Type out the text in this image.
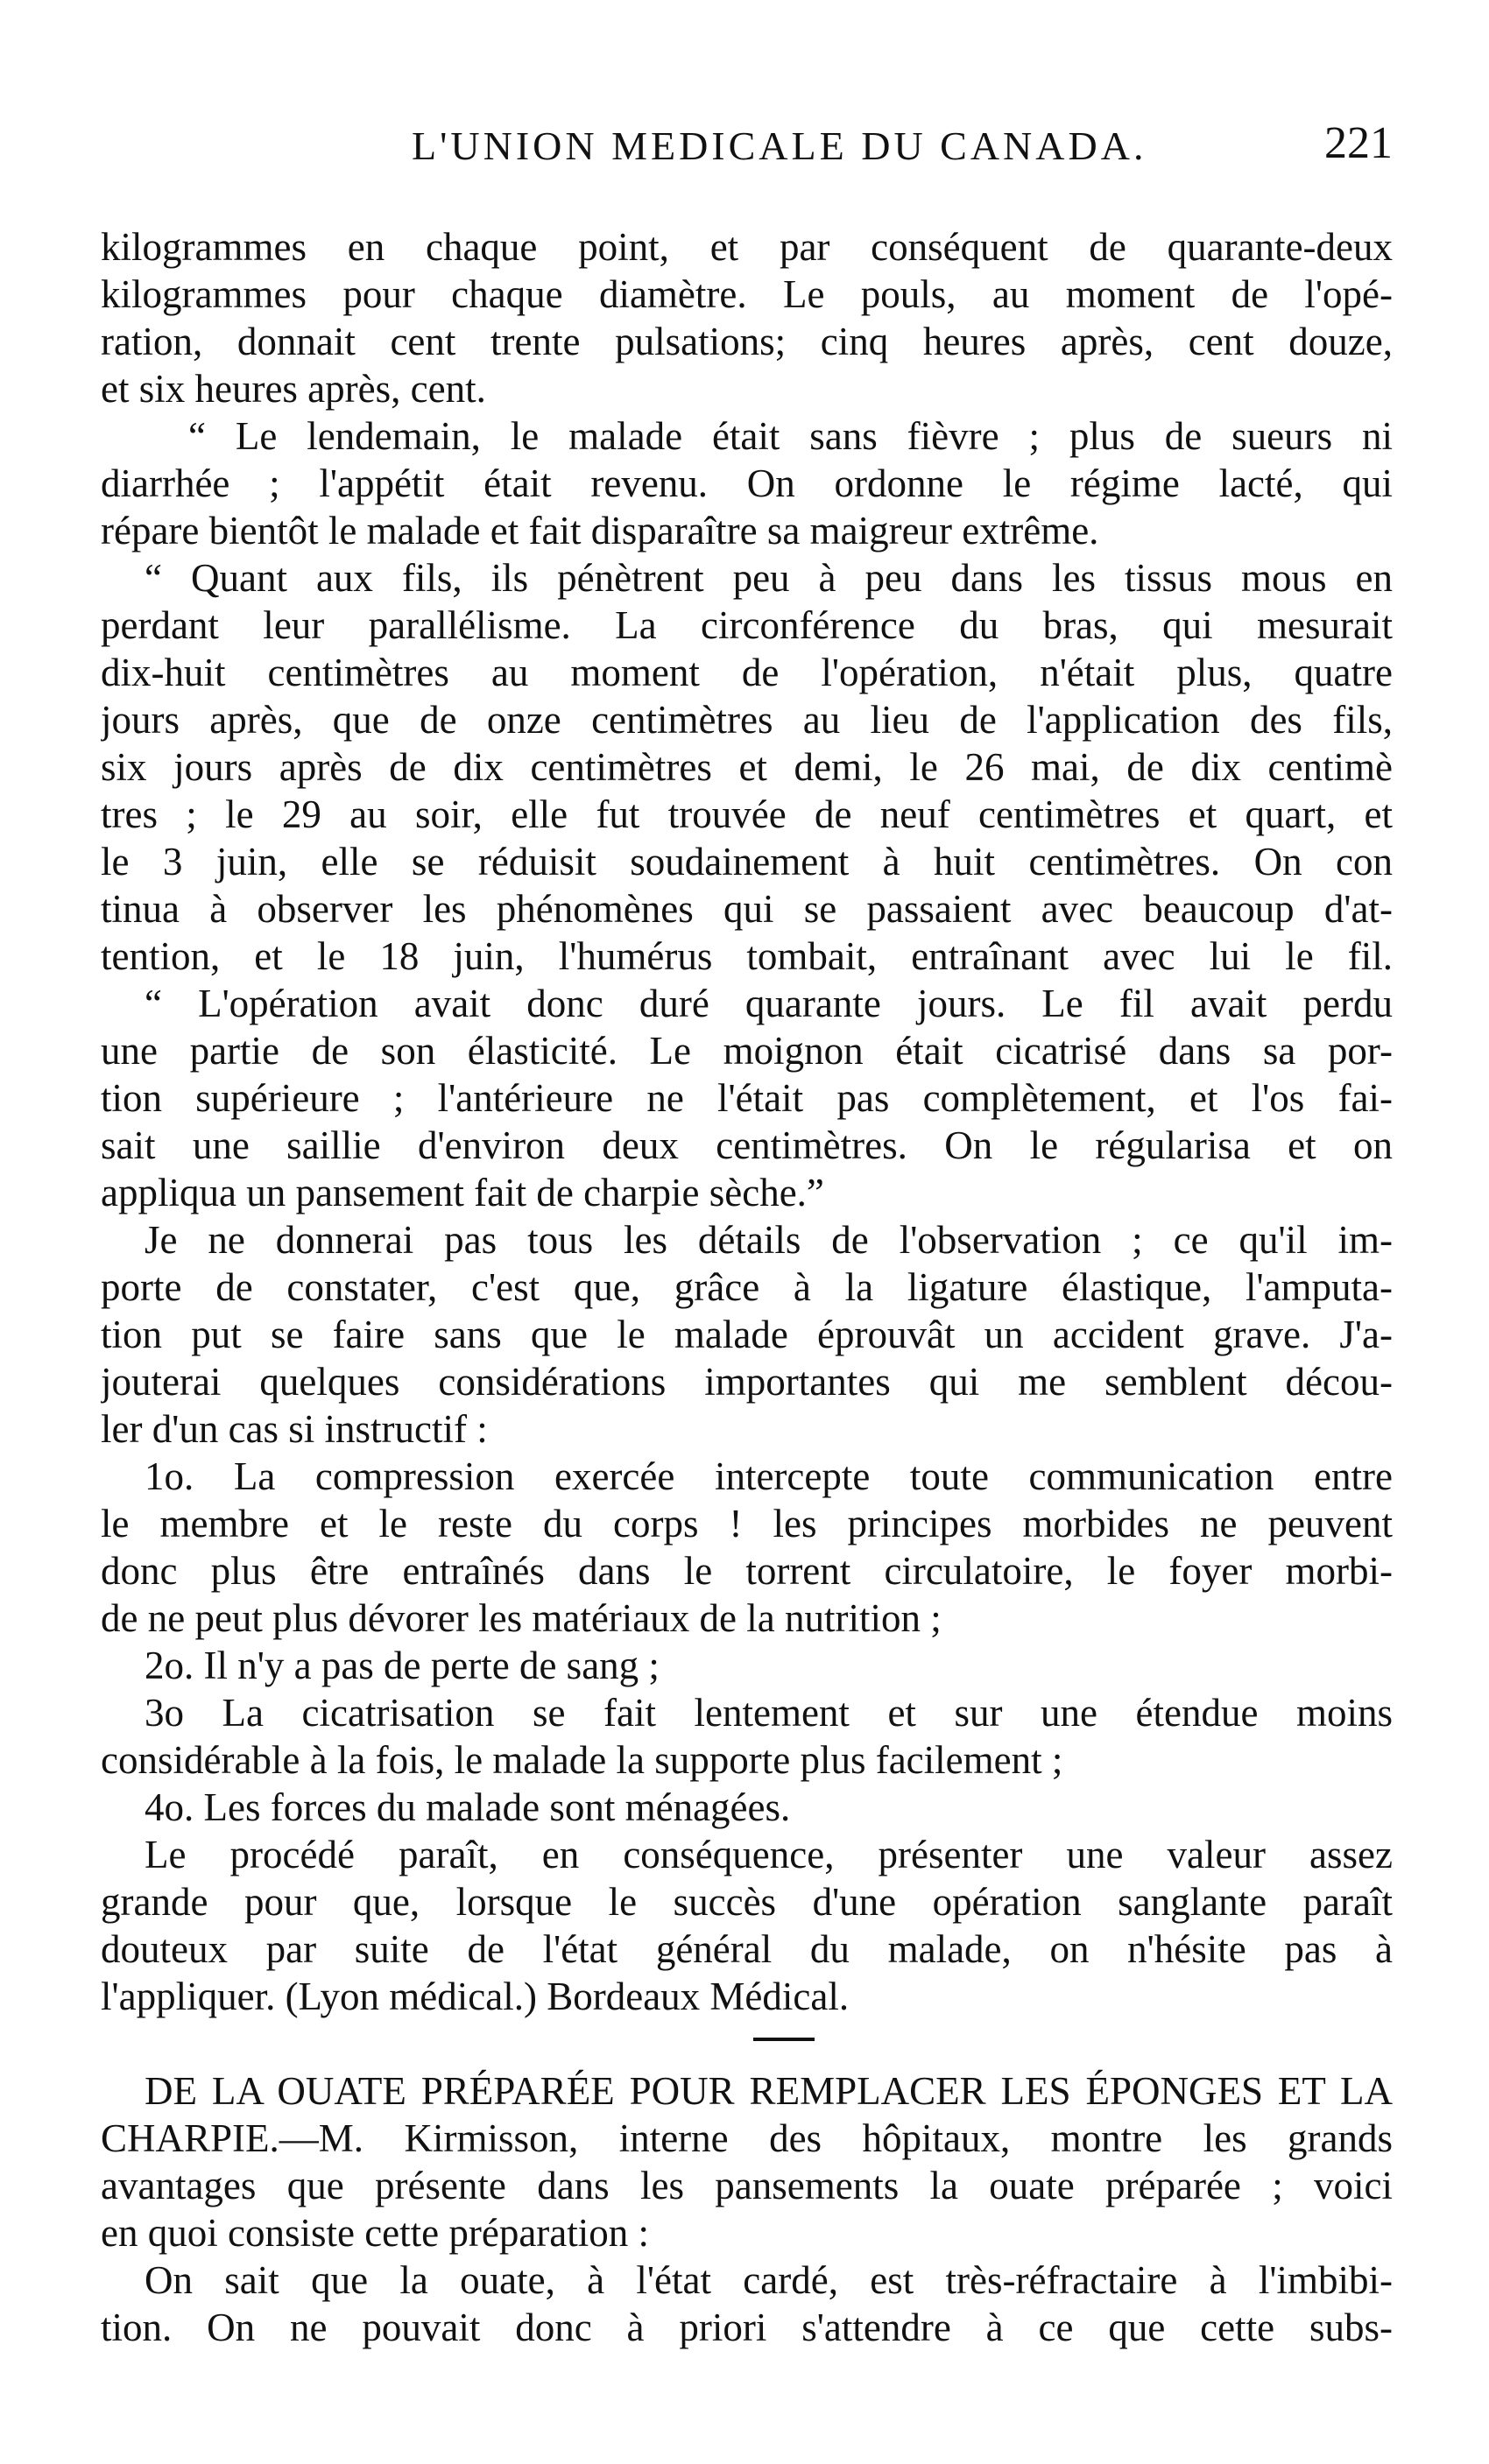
L'UNION MEDICALE DU CANADA.	221
kilogrammes en chaque point, et par conséquent de quarante-deux
kilogrammes pour chaque diamètre. Le pouls, au moment de l'opé-
ration, donnait cent trente pulsations; cinq heures après, cent douze,
et six heures après, cent.
“ Le lendemain, le malade était sans fièvre ; plus de sueurs ni
diarrhée ; l'appétit était revenu. On ordonne le régime lacté, qui
répare bientôt le malade et fait disparaître sa maigreur extrême.
“ Quant aux fils, ils pénètrent peu à peu dans les tissus mous en
perdant leur parallélisme. La circonférence du bras, qui mesurait
dix-huit centimètres au moment de l'opération, n'était plus, quatre
jours après, que de onze centimètres au lieu de l'application des fils,
six jours après de dix centimètres et demi, le 26 mai, de dix centimè
tres ; le 29 au soir, elle fut trouvée de neuf centimètres et quart, et
le 3 juin, elle se réduisit soudainement à huit centimètres. On con
tinua à observer les phénomènes qui se passaient avec beaucoup d'at-
tention, et le 18 juin, l'humérus tombait, entraînant avec lui le fil.
“ L'opération avait donc duré quarante jours. Le fil avait perdu
une partie de son élasticité. Le moignon était cicatrisé dans sa por-
tion supérieure ; l'antérieure ne l'était pas complètement, et l'os fai-
sait une saillie d'environ deux centimètres. On le régularisa et on
appliqua un pansement fait de charpie sèche.”
Je ne donnerai pas tous les détails de l'observation ; ce qu'il im-
porte de constater, c'est que, grâce à la ligature élastique, l'amputa-
tion put se faire sans que le malade éprouvât un accident grave. J'a-
jouterai quelques considérations importantes qui me semblent décou-
ler d'un cas si instructif :
1o. La compression exercée intercepte toute communication entre
le membre et le reste du corps ! les principes morbides ne peuvent
donc plus être entraînés dans le torrent circulatoire, le foyer morbi-
de ne peut plus dévorer les matériaux de la nutrition ;
2o. Il n'y a pas de perte de sang ;
3o La cicatrisation se fait lentement et sur une étendue moins
considérable à la fois, le malade la supporte plus facilement ;
4o. Les forces du malade sont ménagées.
Le procédé paraît, en conséquence, présenter une valeur assez
grande pour que, lorsque le succès d'une opération sanglante paraît
douteux par suite de l'état général du malade, on n'hésite pas à
l'appliquer. (Lyon médical.) Bordeaux Médical.
DE LA OUATE PRÉPARÉE POUR REMPLACER LES ÉPONGES ET LA
CHARPIE.—M. Kirmisson, interne des hôpitaux, montre les grands
avantages que présente dans les pansements la ouate préparée ; voici
en quoi consiste cette préparation :
On sait que la ouate, à l'état cardé, est très-réfractaire à l'imbibi-
tion. On ne pouvait donc à priori s'attendre à ce que cette subs-
